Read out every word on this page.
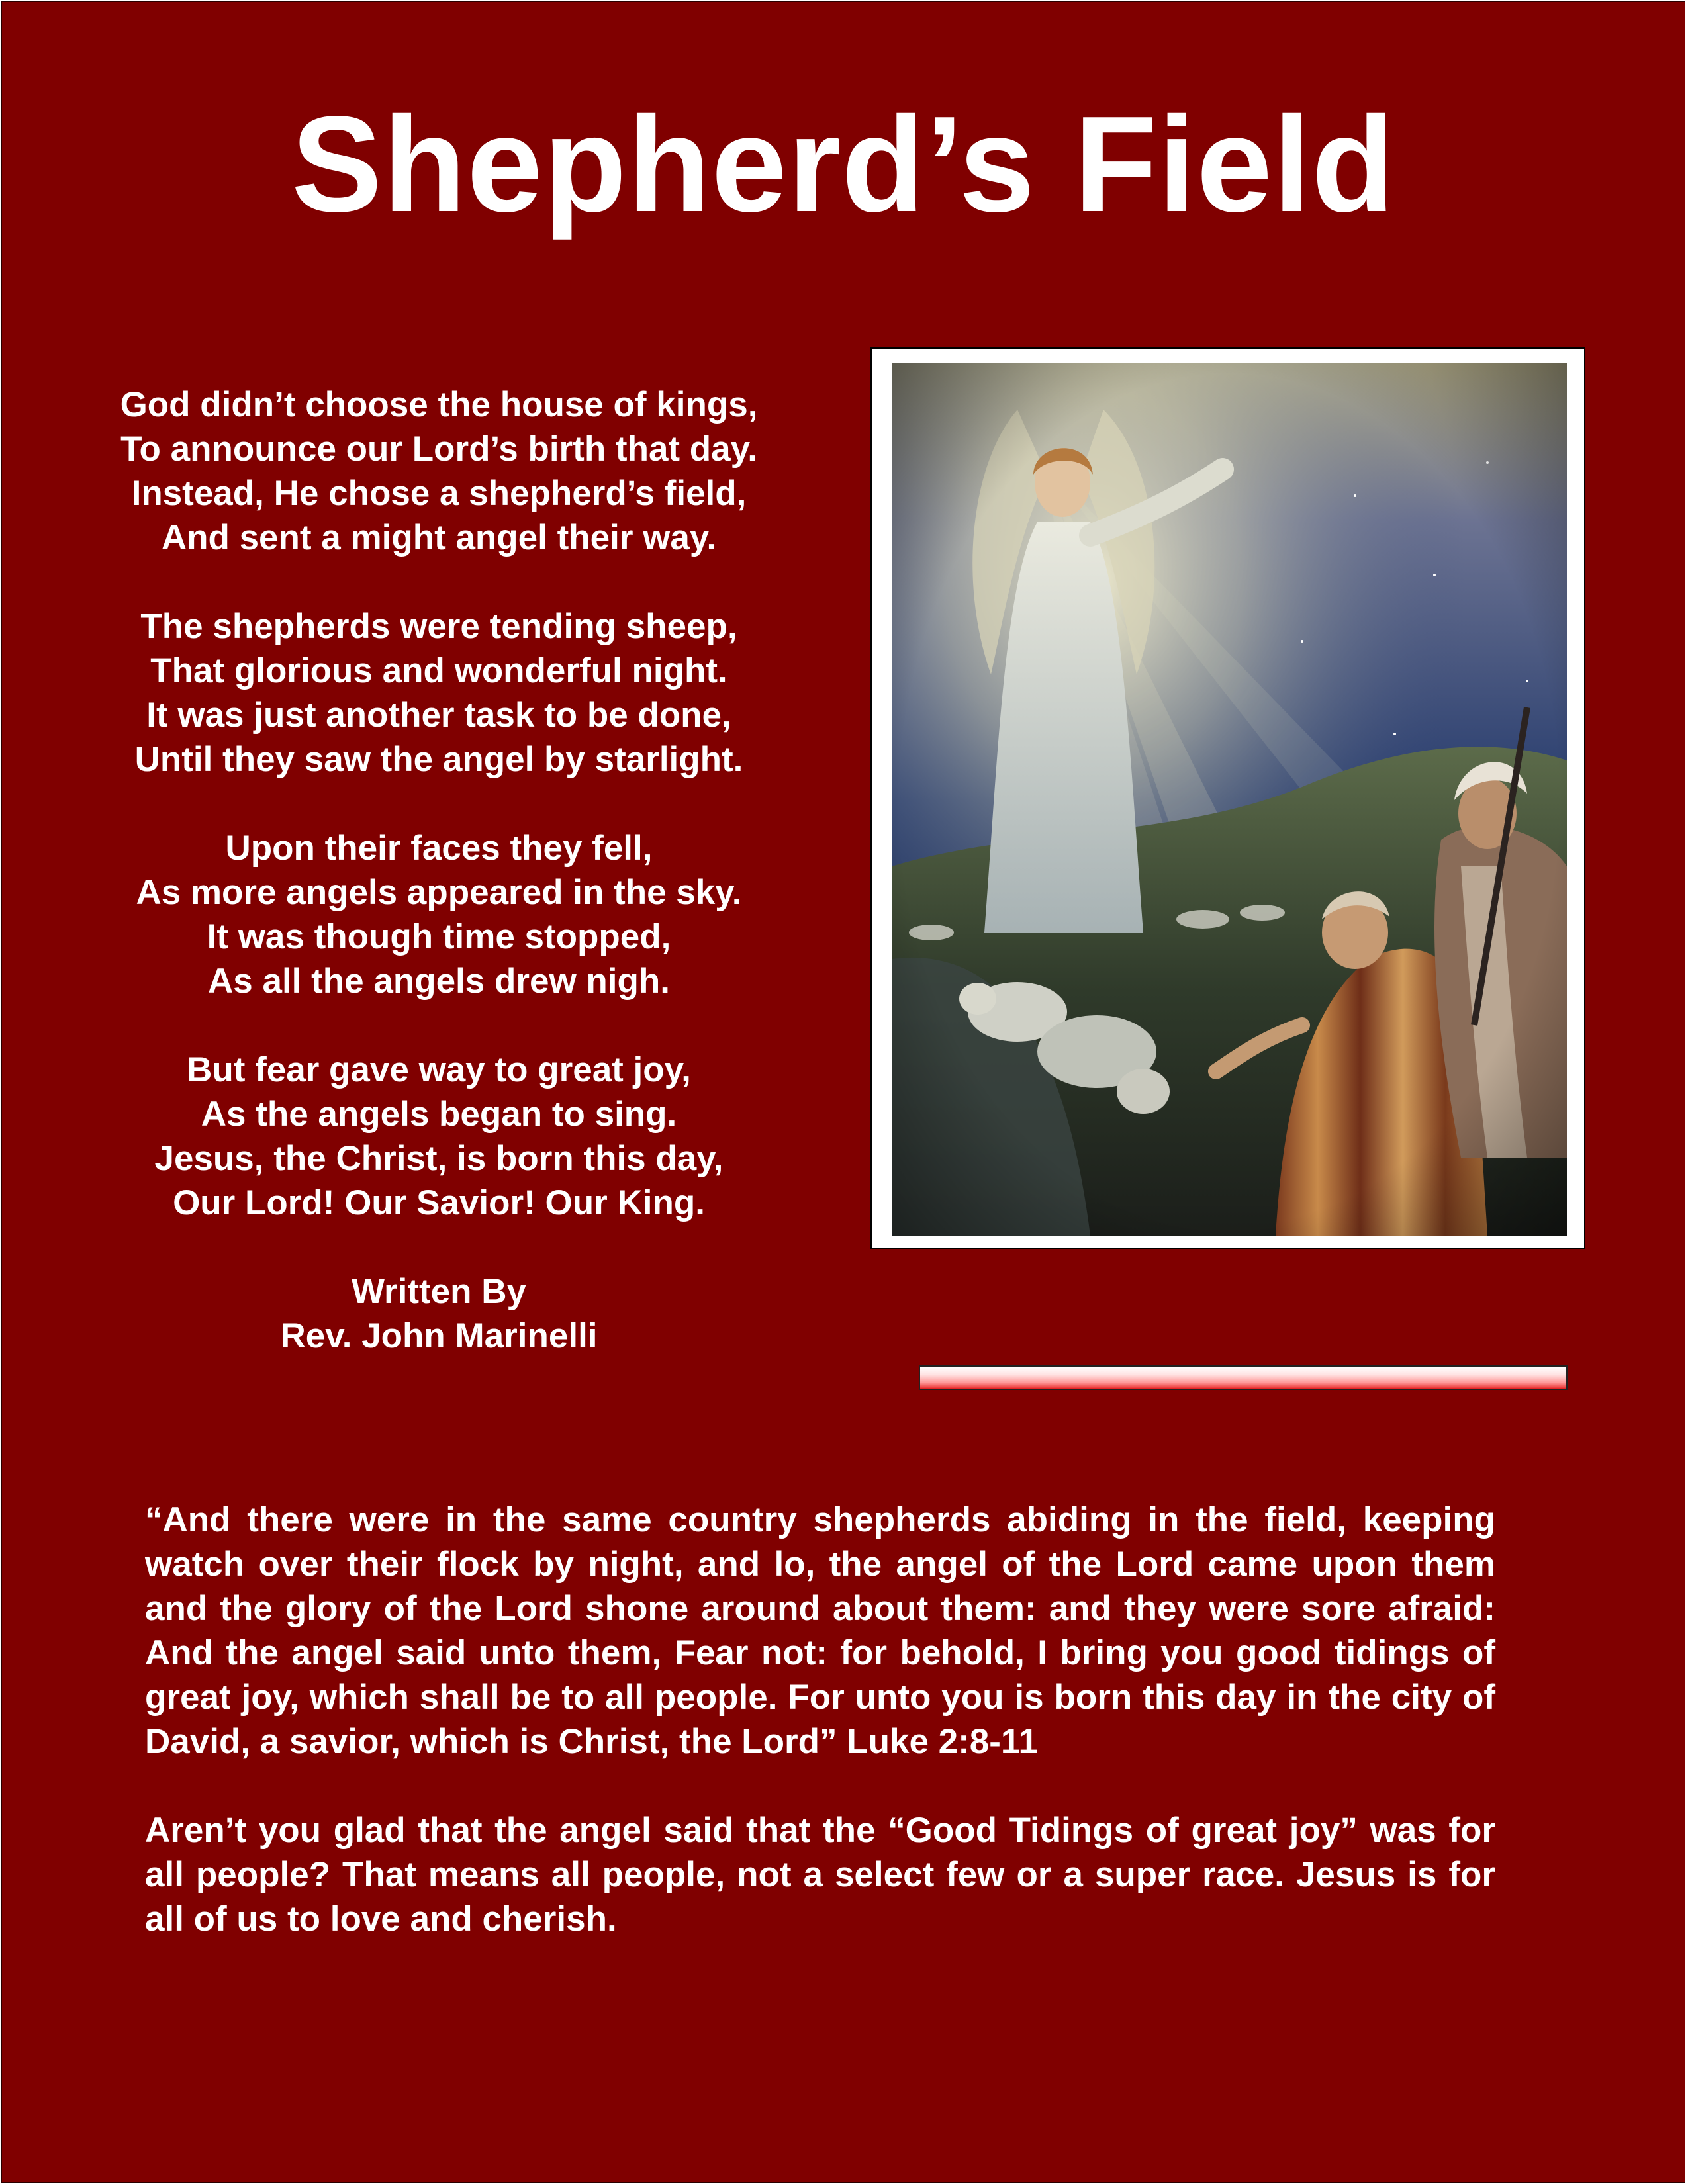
Shepherd’s Field
God didn’t choose the house of kings,
To announce our Lord’s birth that day.
Instead, He chose a shepherd’s field,
And sent a might angel their way.
The shepherds were tending sheep,
That glorious and wonderful night.
It was just another task to be done,
Until they saw the angel by starlight.
Upon their faces they fell,
As more angels appeared in the sky.
It was though time stopped,
As all the angels drew nigh.
But fear gave way to great joy,
As the angels began to sing.
Jesus, the Christ, is born this day,
Our Lord! Our Savior! Our King.
Written By
Rev. John Marinelli
“And there were in the same country shepherds abiding in the field, keeping watch over their flock by night, and lo, the angel of the Lord came upon them and the glory of the Lord shone around about them: and they were sore afraid: And the angel said unto them, Fear not: for behold, I bring you good tidings of great joy, which shall be to all people. For unto you is born this day in the city of David, a savior, which is Christ, the Lord” Luke 2:8-11
Aren’t you glad that the angel said that the “Good Tidings of great joy” was for all people? That means all people, not a select few or a super race. Jesus is for all of us to love and cherish.
